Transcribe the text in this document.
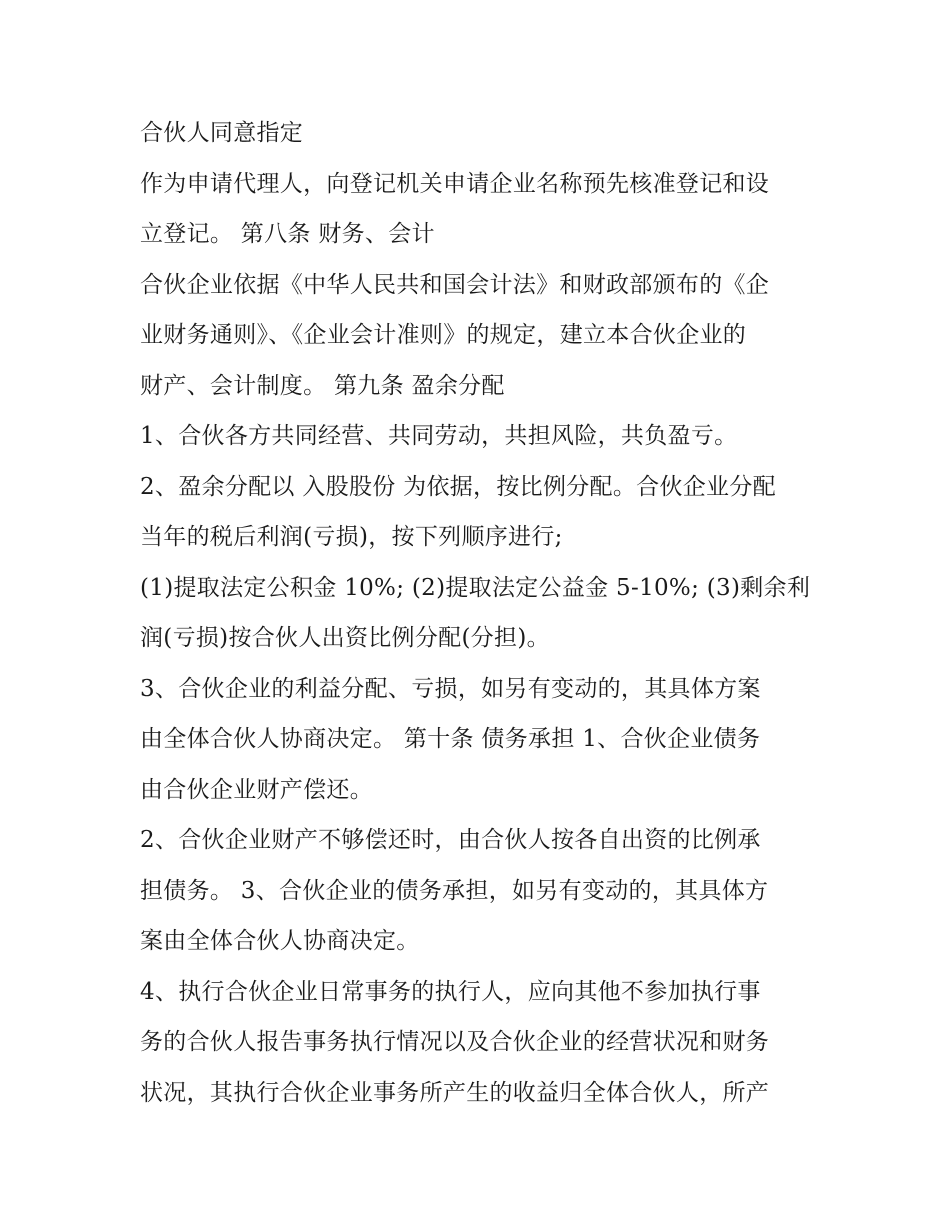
合伙人同意指定
作为申请代理人，向登记机关申请企业名称预先核准登记和设
立登记。 第八条 财务、会计
合伙企业依据《中华人民共和国会计法》和财政部颁布的《企
业财务通则》、《企业会计准则》的规定，建立本合伙企业的
财产、会计制度。 第九条 盈余分配
1、合伙各方共同经营、共同劳动，共担风险，共负盈亏。
2、盈余分配以 入股股份 为依据，按比例分配。合伙企业分配
当年的税后利润(亏损)，按下列顺序进行;
(1)提取法定公积金 10%; (2)提取法定公益金 5-10%; (3)剩余利
润(亏损)按合伙人出资比例分配(分担)。
3、合伙企业的利益分配、亏损，如另有变动的，其具体方案
由全体合伙人协商决定。 第十条 债务承担 1、合伙企业债务
由合伙企业财产偿还。
2、合伙企业财产不够偿还时，由合伙人按各自出资的比例承
担债务。 3、合伙企业的债务承担，如另有变动的，其具体方
案由全体合伙人协商决定。
4、执行合伙企业日常事务的执行人，应向其他不参加执行事
务的合伙人报告事务执行情况以及合伙企业的经营状况和财务
状况，其执行合伙企业事务所产生的收益归全体合伙人，所产
